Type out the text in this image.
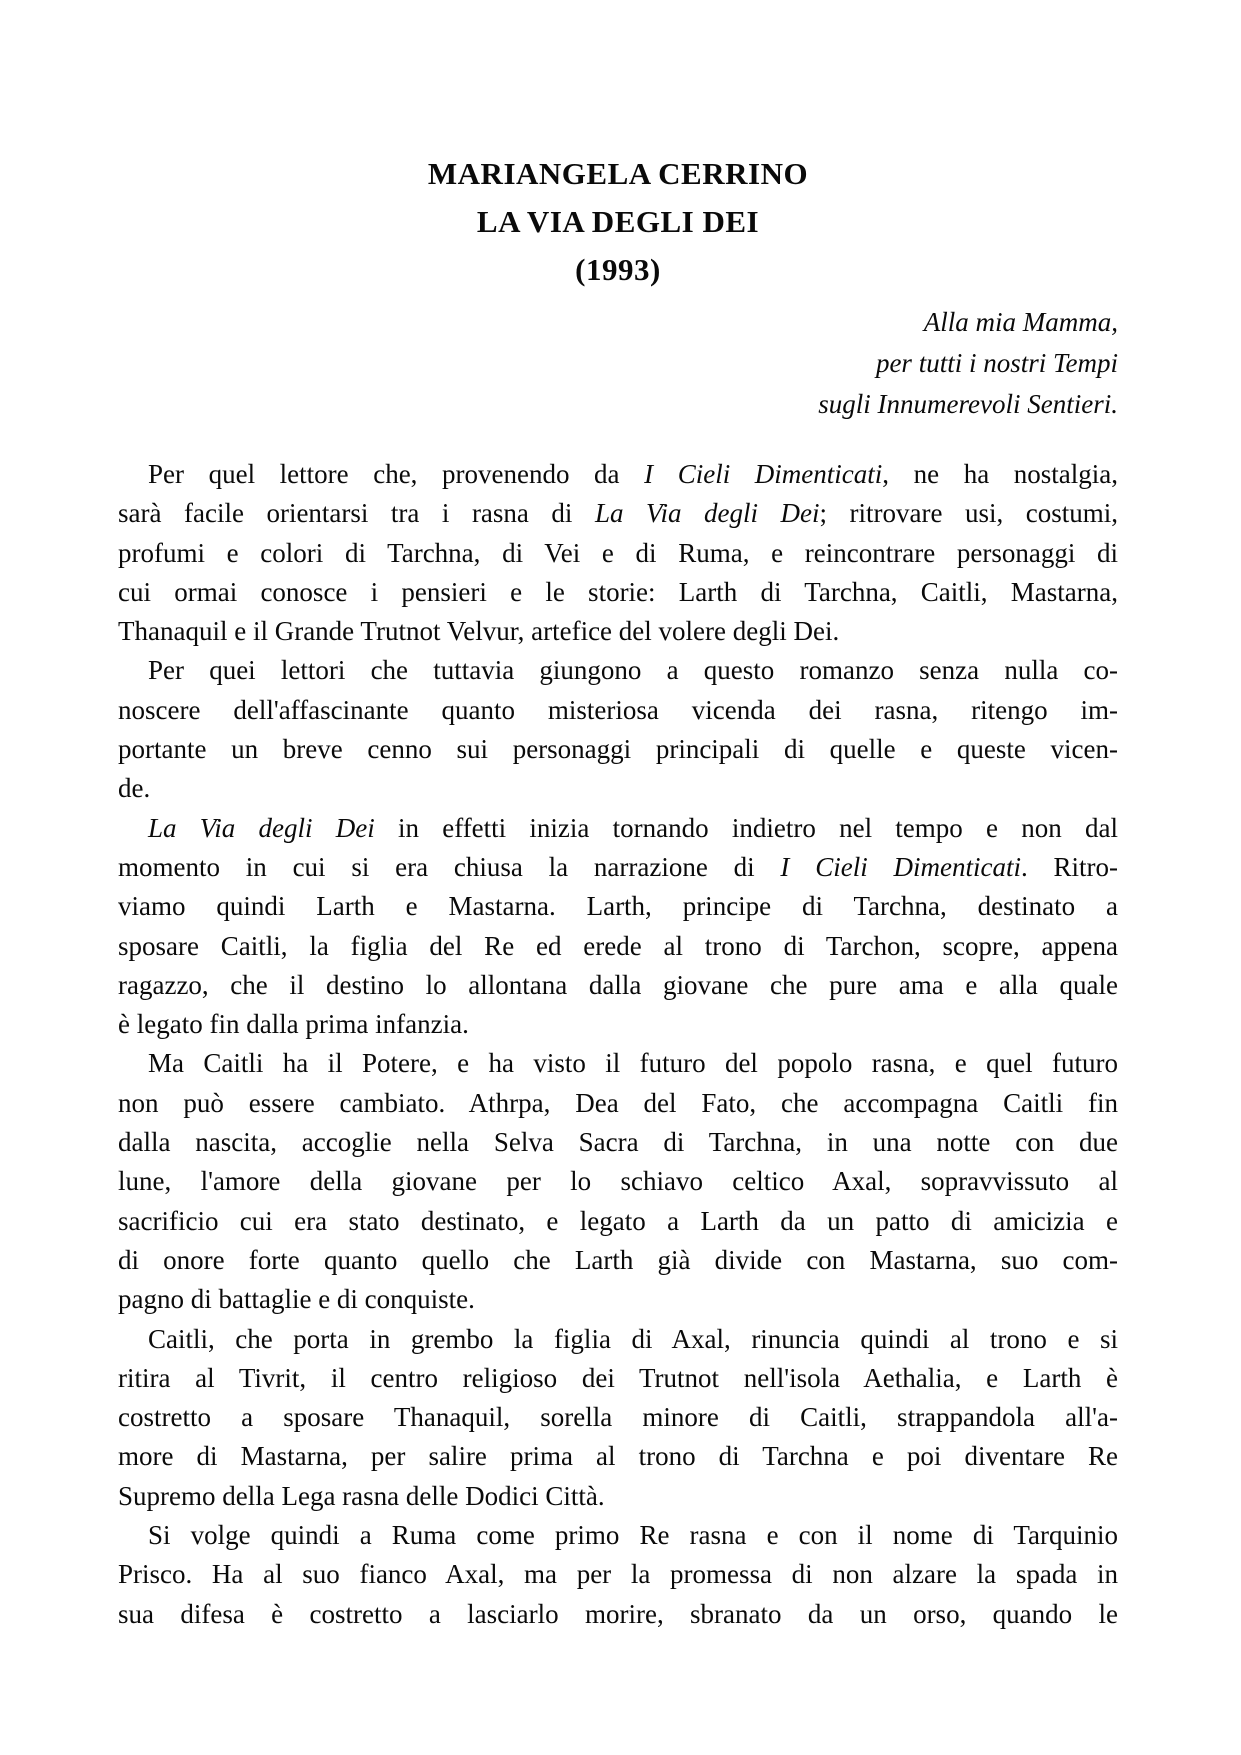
MARIANGELA CERRINO
LA VIA DEGLI DEI
(1993)
Alla mia Mamma,
per tutti i nostri Tempi
sugli Innumerevoli Sentieri.
Per quel lettore che, provenendo da I Cieli Dimenticati, ne ha nostalgia,
sarà facile orientarsi tra i rasna di La Via degli Dei; ritrovare usi, costumi,
profumi e colori di Tarchna, di Vei e di Ruma, e reincontrare personaggi di
cui ormai conosce i pensieri e le storie: Larth di Tarchna, Caitli, Mastarna,
Thanaquil e il Grande Trutnot Velvur, artefice del volere degli Dei.
Per quei lettori che tuttavia giungono a questo romanzo senza nulla co-
noscere dell'affascinante quanto misteriosa vicenda dei rasna, ritengo im-
portante un breve cenno sui personaggi principali di quelle e queste vicen-
de.
La Via degli Dei in effetti inizia tornando indietro nel tempo e non dal
momento in cui si era chiusa la narrazione di I Cieli Dimenticati. Ritro-
viamo quindi Larth e Mastarna. Larth, principe di Tarchna, destinato a
sposare Caitli, la figlia del Re ed erede al trono di Tarchon, scopre, appena
ragazzo, che il destino lo allontana dalla giovane che pure ama e alla quale
è legato fin dalla prima infanzia.
Ma Caitli ha il Potere, e ha visto il futuro del popolo rasna, e quel futuro
non può essere cambiato. Athrpa, Dea del Fato, che accompagna Caitli fin
dalla nascita, accoglie nella Selva Sacra di Tarchna, in una notte con due
lune, l'amore della giovane per lo schiavo celtico Axal, sopravvissuto al
sacrificio cui era stato destinato, e legato a Larth da un patto di amicizia e
di onore forte quanto quello che Larth già divide con Mastarna, suo com-
pagno di battaglie e di conquiste.
Caitli, che porta in grembo la figlia di Axal, rinuncia quindi al trono e si
ritira al Tivrit, il centro religioso dei Trutnot nell'isola Aethalia, e Larth è
costretto a sposare Thanaquil, sorella minore di Caitli, strappandola all'a-
more di Mastarna, per salire prima al trono di Tarchna e poi diventare Re
Supremo della Lega rasna delle Dodici Città.
Si volge quindi a Ruma come primo Re rasna e con il nome di Tarquinio
Prisco. Ha al suo fianco Axal, ma per la promessa di non alzare la spada in
sua difesa è costretto a lasciarlo morire, sbranato da un orso, quando le
